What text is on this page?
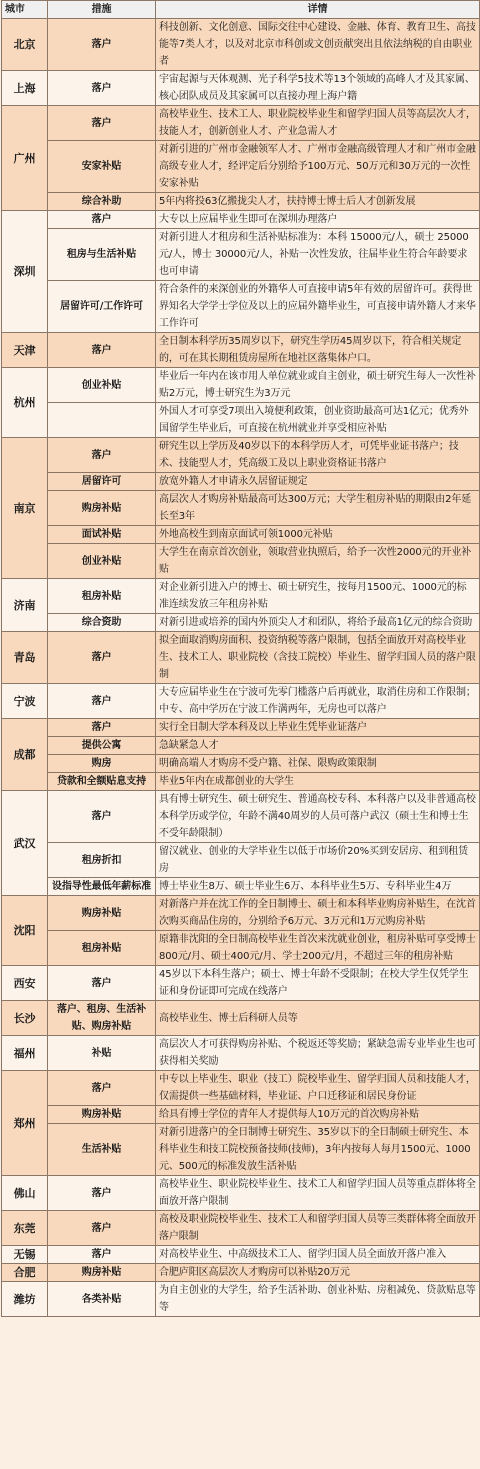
城市	措施	详情
北京	落户	科技创新、文化创意、国际交往中心建设、金融、体育、教育卫生、高技能等7类人才，以及对北京市科创或文创贡献突出且依法纳税的自由职业者
上海	落户	宇宙起源与天体观测、光子科学5技术等13个领域的高峰人才及其家属、核心团队成员及其家属可以直接办理上海户籍
广州	落户	高校毕业生、技术工人、职业院校毕业生和留学归国人员等高层次人才，技能人才，创新创业人才、产业急需人才
	安家补贴	对新引进的广州市金融领军人才、广州市金融高级管理人才和广州市金融高级专业人才，经评定后分别给予100万元、50万元和30万元的一次性安家补贴
	综合补助	5年内将投63亿搬拢尖人才，扶持博士博士后人才创新发展
深圳	落户	大专以上应届毕业生即可在深圳办理落户
	租房与生活补贴	对新引进人才租房和生活补贴标准为：本科 15000元/人，硕士 25000元/人，博士 30000元/人，补贴一次性发放，往届毕业生符合年龄要求也可申请
	居留许可/工作许可	符合条件的来深创业的外籍华人可直接申请5年有效的居留许可。获得世界知名大学学士学位及以上的应届外籍毕业生，可直接申请外籍人才来华工作许可
天津	落户	全日制本科学历35周岁以下，研究生学历45周岁以下，符合相关规定的，可在其长期租赁房屋所在地社区落集体户口。
杭州	创业补贴	毕业后一年内在该市用人单位就业或自主创业，硕士研究生每人一次性补贴2万元，博士研究生为3万元
		外国人才可享受7项出入境便利政策，创业资助最高可达1亿元；优秀外国留学生毕业后，可直接在杭州就业并享受相应补贴
南京	落户	研究生以上学历及40岁以下的本科学历人才，可凭毕业证书落户；技术、技能型人才，凭高级工及以上职业资格证书落户
	居留许可	放宽外籍人才申请永久居留证规定
	购房补贴	高层次人才购房补贴最高可达300万元；大学生租房补贴的期限由2年延长至3年
	面试补贴	外地高校生到南京面试可领1000元补贴
	创业补贴	大学生在南京首次创业，领取营业执照后，给予一次性2000元的开业补贴
济南	租房补贴	对企业新引进入户的博士、硕士研究生，按每月1500元、1000元的标准连续发放三年租房补贴
	综合资助	对新引进或培养的国内外顶尖人才和团队，将给予最高1亿元的综合资助
青岛	落户	拟全面取消购房面积、投资纳税等落户限制，包括全面放开对高校毕业生、技术工人、职业院校（含技工院校）毕业生、留学归国人员的落户限制
宁波	落户	大专应届毕业生在宁波可先零门槛落户后再就业，取消住房和工作限制；中专、高中学历在宁波工作满两年，无房也可以落户
成都	落户	实行全日制大学本科及以上毕业生凭毕业证落户
	提供公寓	急缺紧急人才
	购房	明确高端人才购房不受户籍、社保、限购政策限制
	贷款和全额贴息支持	毕业5年内在成都创业的大学生
武汉	落户	具有博士研究生、硕士研究生、普通高校专科、本科落户以及非普通高校本科学历或学位，年龄不满40周岁的人员可落户武汉（硕士生和博士生不受年龄限制）
	租房折扣	留汉就业、创业的大学毕业生以低于市场价20%买到安居房、租到租赁房
	设指导性最低年薪标准	博士毕业生8万、硕士毕业生6万、本科毕业生5万、专科毕业生4万
沈阳	购房补贴	对新落户并在沈工作的全日制博士、硕士和本科毕业购房补贴生，在沈首次购买商品住房的，分别给予6万元、3万元和1万元购房补贴
	租房补贴	原籍非沈阳的全日制高校毕业生首次来沈就业创业，租房补贴可享受博士800元/月、硕士400元/月、学士200元/月，不超过三年的租房补贴
西安	落户	45岁以下本科生落户；硕士、博士年龄不受限制；在校大学生仅凭学生证和身份证即可完成在线落户
长沙	落户、租房、生活补贴、购房补贴	高校毕业生、博士后科研人员等
福州	补贴	高层次人才可获得购房补贴、个税返还等奖励；紧缺急需专业毕业生也可获得相关奖励
郑州	落户	中专以上毕业生、职业（技工）院校毕业生、留学归国人员和技能人才，仅需提供一些基础材料，毕业证、户口迁移证和居民身份证
	购房补贴	给具有博士学位的青年人才提供每人10万元的首次购房补贴
	生活补贴	对新引进落户的全日制博士研究生、35岁以下的全日制硕士研究生、本科毕业生和技工院校预备技师(技师)，3年内按每人每月1500元、1000元、500元的标准发放生活补贴
佛山	落户	高校毕业生、职业院校毕业生、技术工人和留学归国人员等重点群体将全面放开落户限制
东莞	落户	高校及职业院校毕业生、技术工人和留学归国人员等三类群体将全面放开落户限制
无锡	落户	对高校毕业生、中高级技术工人、留学归国人员全面放开落户准入
合肥	购房补贴	合肥庐阳区高层次人才购房可以补贴20万元
潍坊	各类补贴	为自主创业的大学生，给予生活补助、创业补贴、房租减免、贷款贴息等等
